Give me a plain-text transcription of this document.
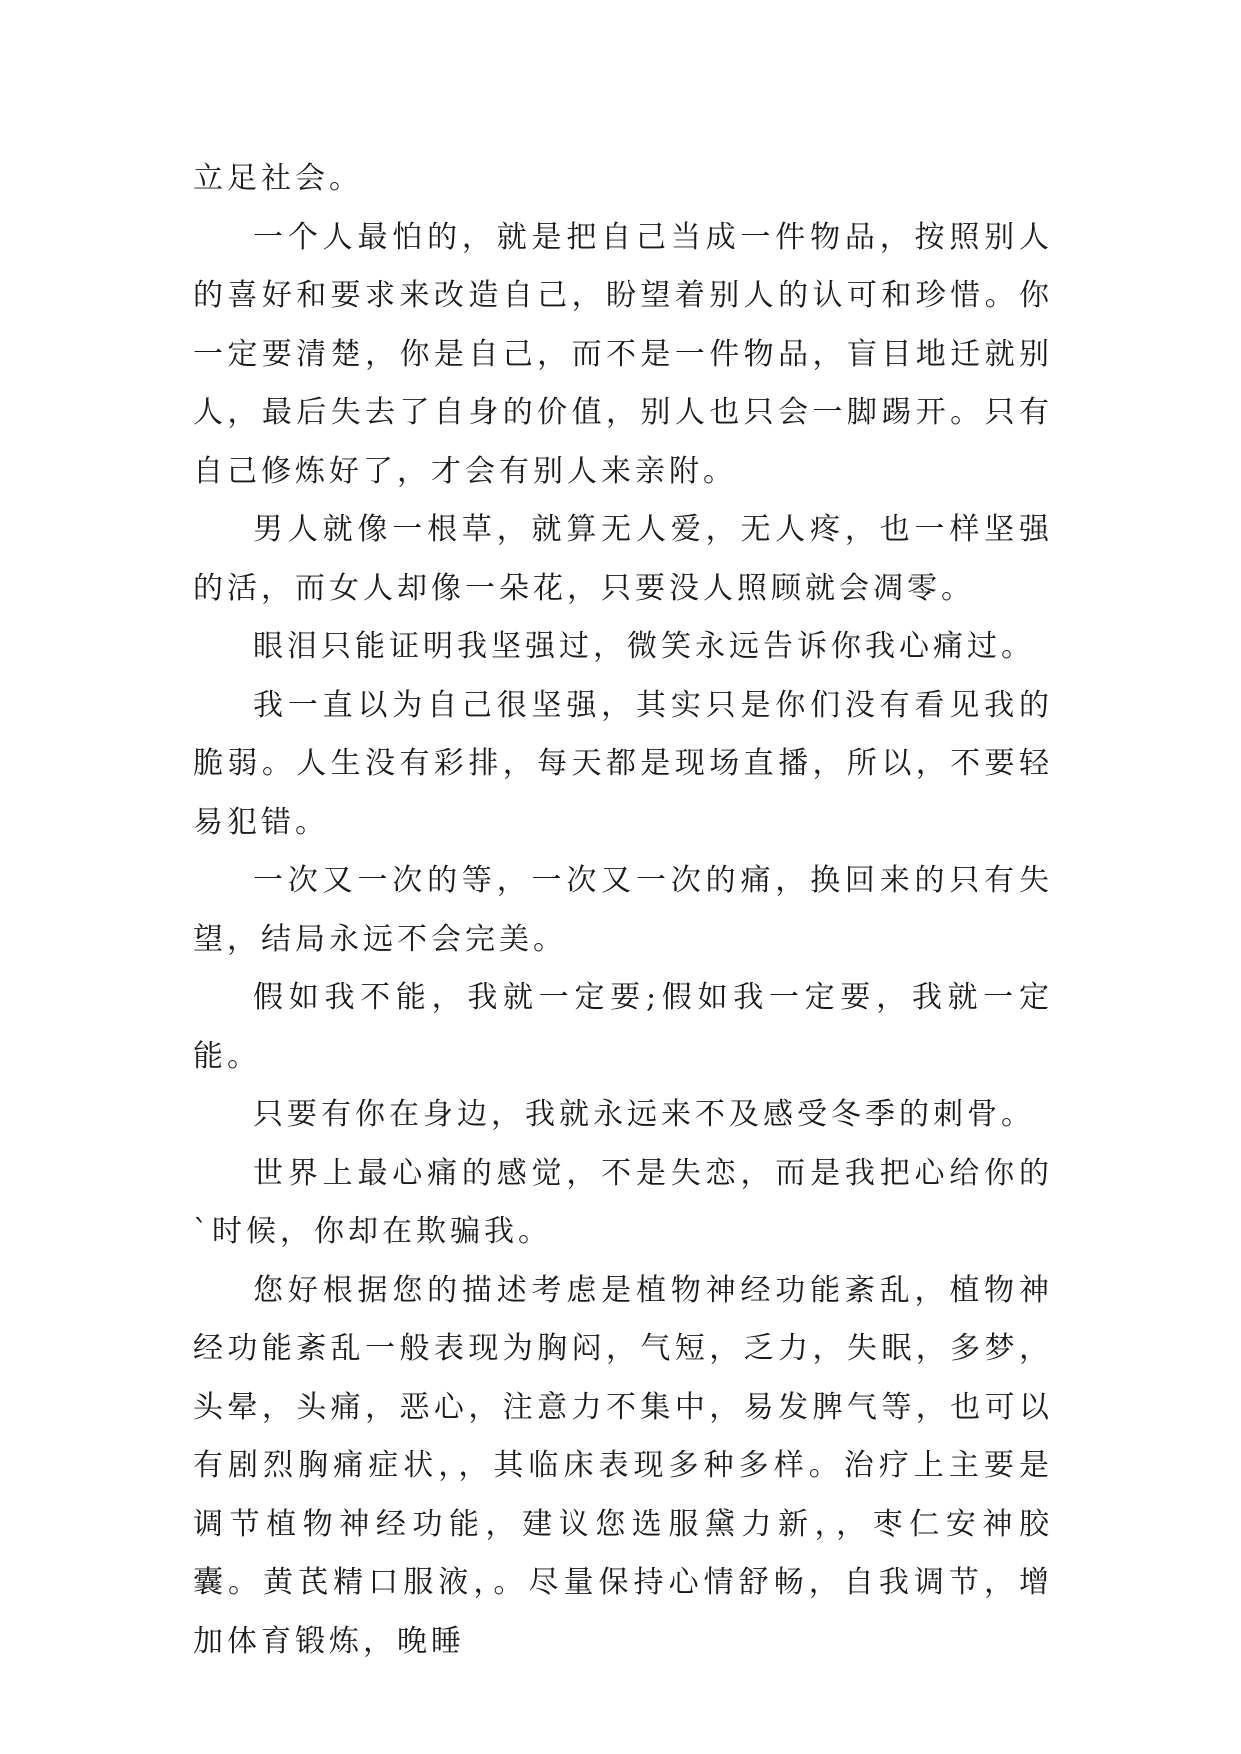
立足社会。

一个人最怕的，就是把自己当成一件物品，按照别人的喜好和要求来改造自己，盼望着别人的认可和珍惜。你一定要清楚，你是自己，而不是一件物品，盲目地迁就别人，最后失去了自身的价值，别人也只会一脚踢开。只有自己修炼好了，才会有别人来亲附。

男人就像一根草，就算无人爱，无人疼，也一样坚强的活，而女人却像一朵花，只要没人照顾就会凋零。

眼泪只能证明我坚强过，微笑永远告诉你我心痛过。

我一直以为自己很坚强，其实只是你们没有看见我的脆弱。人生没有彩排，每天都是现场直播，所以，不要轻易犯错。

一次又一次的等，一次又一次的痛，换回来的只有失望，结局永远不会完美。

假如我不能，我就一定要;假如我一定要，我就一定能。

只要有你在身边，我就永远来不及感受冬季的刺骨。

世界上最心痛的感觉，不是失恋，而是我把心给你的`时候，你却在欺骗我。

您好根据您的描述考虑是植物神经功能紊乱，植物神经功能紊乱一般表现为胸闷，气短，乏力，失眠，多梦，头晕，头痛，恶心，注意力不集中，易发脾气等，也可以有剧烈胸痛症状，，其临床表现多种多样。治疗上主要是调节植物神经功能，建议您选服黛力新，，枣仁安神胶囊。黄芪精口服液，。尽量保持心情舒畅，自我调节，增加体育锻炼，晚睡
